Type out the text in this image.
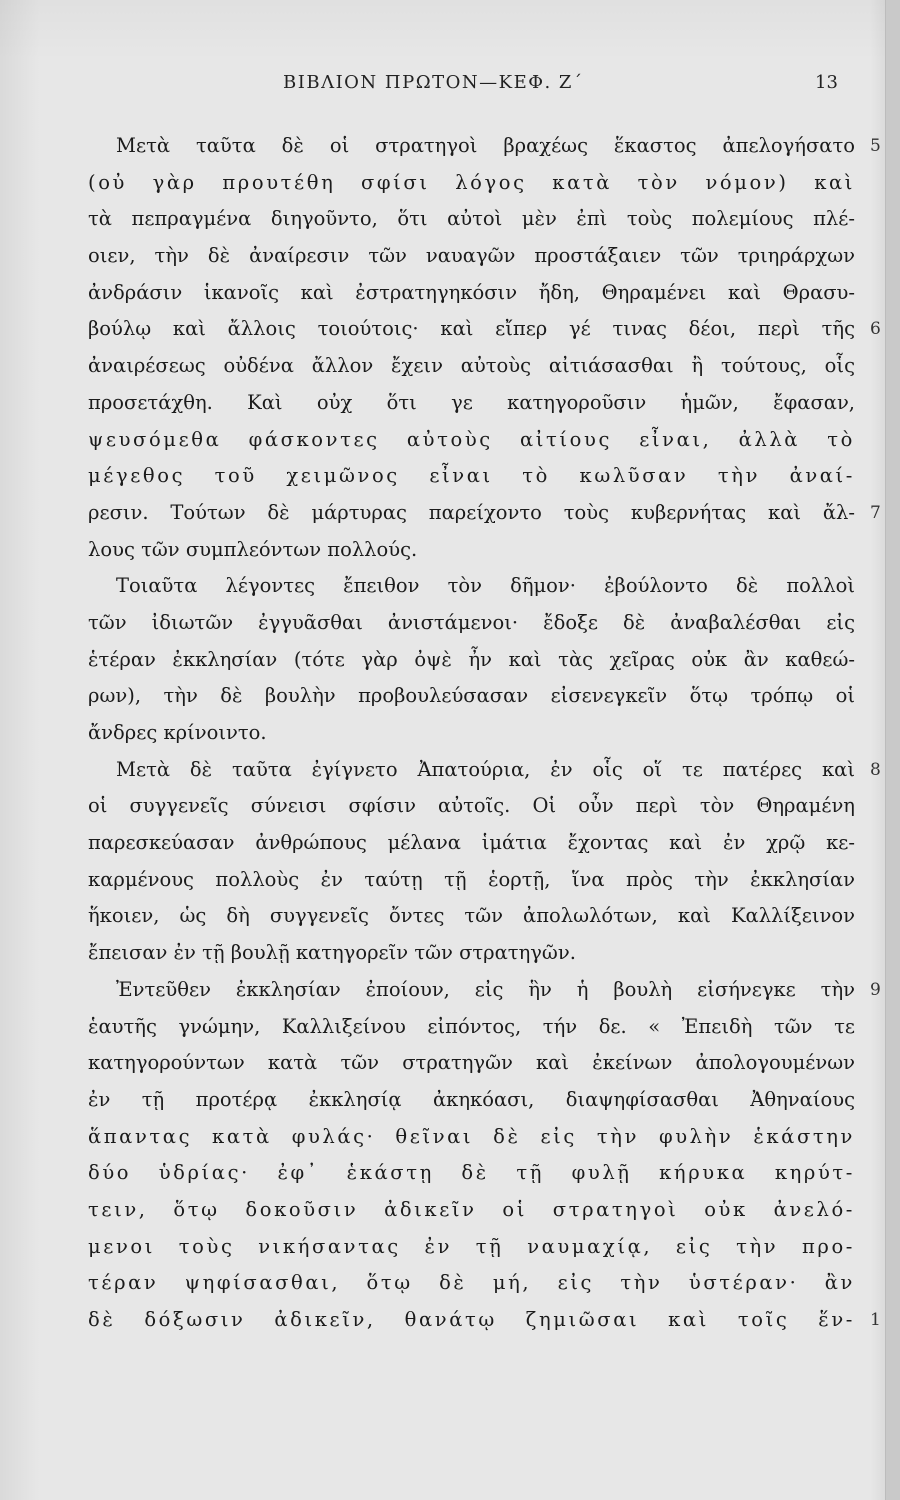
ΒΙΒΛΙΟΝ ΠΡΩΤΟΝ—ΚΕΦ. Ζ΄	13
Μετὰ ταῦτα δὲ οἱ στρατηγοὶ βραχέως ἕκαστος ἀπελογήσατο 5
(οὐ γὰρ προυτέθη σφίσι λόγος κατὰ τὸν νόμον) καὶ
τὰ πεπραγμένα διηγοῦντο, ὅτι αὐτοὶ μὲν ἐπὶ τοὺς πολεμίους πλέ-
οιεν, τὴν δὲ ἀναίρεσιν τῶν ναυαγῶν προστάξαιεν τῶν τριηράρχων
ἀνδράσιν ἱκανοῖς καὶ ἐστρατηγηκόσιν ἤδη, Θηραμένει καὶ Θρασυ-
βούλῳ καὶ ἄλλοις τοιούτοις· καὶ εἴπερ γέ τινας δέοι, περὶ τῆς 6
ἀναιρέσεως οὐδένα ἄλλον ἔχειν αὐτοὺς αἰτιάσασθαι ἢ τούτους, οἷς
προσετάχθη. Καὶ οὐχ ὅτι γε κατηγοροῦσιν ἡμῶν, ἔφασαν,
ψευσόμεθα φάσκοντες αὐτοὺς αἰτίους εἶναι, ἀλλὰ τὸ
μέγεθος τοῦ χειμῶνος εἶναι τὸ κωλῦσαν τὴν ἀναί-
ρεσιν. Τούτων δὲ μάρτυρας παρείχοντο τοὺς κυβερνήτας καὶ ἄλ- 7
λους τῶν συμπλεόντων πολλούς.
Τοιαῦτα λέγοντες ἔπειθον τὸν δῆμον· ἐβούλοντο δὲ πολλοὶ
τῶν ἰδιωτῶν ἐγγυᾶσθαι ἀνιστάμενοι· ἔδοξε δὲ ἀναβαλέσθαι εἰς
ἑτέραν ἐκκλησίαν (τότε γὰρ ὀψὲ ἦν καὶ τὰς χεῖρας οὐκ ἂν καθεώ-
ρων), τὴν δὲ βουλὴν προβουλεύσασαν εἰσενεγκεῖν ὅτῳ τρόπῳ οἱ
ἄνδρες κρίνοιντο.
Μετὰ δὲ ταῦτα ἐγίγνετο Ἀπατούρια, ἐν οἷς οἵ τε πατέρες καὶ 8
οἱ συγγενεῖς σύνεισι σφίσιν αὐτοῖς. Οἱ οὖν περὶ τὸν Θηραμένη
παρεσκεύασαν ἀνθρώπους μέλανα ἱμάτια ἔχοντας καὶ ἐν χρῷ κε-
καρμένους πολλοὺς ἐν ταύτῃ τῇ ἑορτῇ, ἵνα πρὸς τὴν ἐκκλησίαν
ἥκοιεν, ὡς δὴ συγγενεῖς ὄντες τῶν ἀπολωλότων, καὶ Καλλίξεινον
ἔπεισαν ἐν τῇ βουλῇ κατηγορεῖν τῶν στρατηγῶν.
Ἐντεῦθεν ἐκκλησίαν ἐποίουν, εἰς ἣν ἡ βουλὴ εἰσήνεγκε τὴν 9
ἑαυτῆς γνώμην, Καλλιξείνου εἰπόντος, τήν δε. « Ἐπειδὴ τῶν τε
κατηγορούντων κατὰ τῶν στρατηγῶν καὶ ἐκείνων ἀπολογουμένων
ἐν τῇ προτέρᾳ ἐκκλησίᾳ ἀκηκόασι, διαψηφίσασθαι Ἀθηναίους
ἅπαντας κατὰ φυλάς· θεῖναι δὲ εἰς τὴν φυλὴν ἑκάστην
δύο ὑδρίας· ἐφ᾽ ἑκάστῃ δὲ τῇ φυλῇ κήρυκα κηρύτ-
τειν, ὅτῳ δοκοῦσιν ἀδικεῖν οἱ στρατηγοὶ οὐκ ἀνελό-
μενοι τοὺς νικήσαντας ἐν τῇ ναυμαχίᾳ, εἰς τὴν προ-
τέραν ψηφίσασθαι, ὅτῳ δὲ μή, εἰς τὴν ὑστέραν· ἂν
δὲ δόξωσιν ἀδικεῖν, θανάτῳ ζημιῶσαι καὶ τοῖς ἕν- 1
